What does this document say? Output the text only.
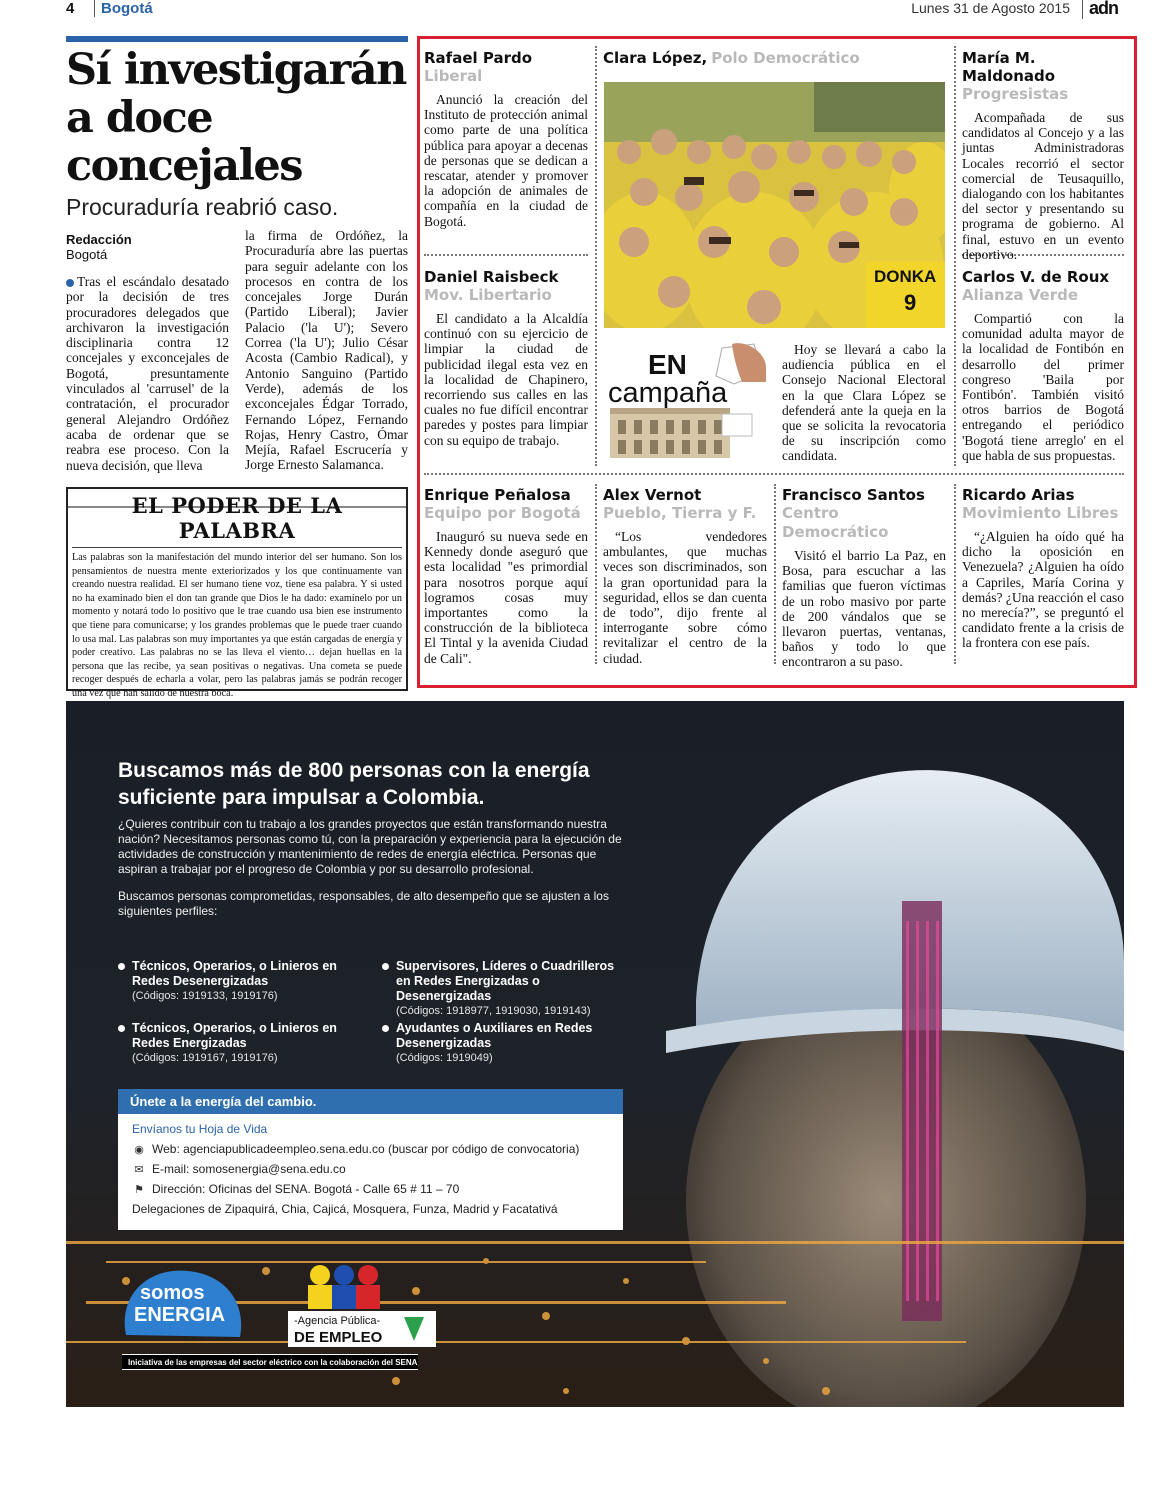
4	Bogotá	Lunes 31 de Agosto 2015	adn
Sí investigarán a doce concejales
Procuraduría reabrió caso.
Redacción
Bogotá
Tras el escándalo desatado por la decisión de tres procuradores delegados que archivaron la investigación disciplinaria contra 12 concejales y exconcejales de Bogotá, presuntamente vinculados al 'carrusel' de la contratación, el procurador general Alejandro Ordóñez acaba de ordenar que se reabra ese proceso. Con la nueva decisión, que lleva
la firma de Ordóñez, la Procuraduría abre las puertas para seguir adelante con los procesos en contra de los concejales Jorge Durán (Partido Liberal); Javier Palacio ('la U'); Severo Correa ('la U'); Julio César Acosta (Cambio Radical), y Antonio Sanguino (Partido Verde), además de los exconcejales Édgar Torrado, Fernando López, Fernando Rojas, Henry Castro, Ómar Mejía, Rafael Escrucería y Jorge Ernesto Salamanca.
EL PODER DE LA PALABRA

Las palabras son la manifestación del mundo interior del ser humano. Son los pensamientos de nuestra mente exteriorizados y los que continuamente van creando nuestra realidad. El ser humano tiene voz, tiene esa palabra. Y si usted no ha examinado bien el don tan grande que Dios le ha dado: examínelo por un momento y notará todo lo positivo que le trae cuando usa bien ese instrumento que tiene para comunicarse; y los grandes problemas que le puede traer cuando lo usa mal. Las palabras son muy importantes ya que están cargadas de energía y poder creativo. Las palabras no se las lleva el viento… dejan huellas en la persona que las recibe, ya sean positivas o negativas. Una cometa se puede recoger después de echarla a volar, pero las palabras jamás se podrán recoger una vez que han salido de nuestra boca.

Rafael Pardo
Liberal
Anunció la creación del Instituto de protección animal como parte de una política pública para apoyar a decenas de personas que se dedican a rescatar, atender y promover la adopción de animales de compañía en la ciudad de Bogotá.
Clara López, Polo Democrático
DONKA
9
EN
campaña
Hoy se llevará a cabo la audiencia pública en el Consejo Nacional Electoral en la que Clara López se defenderá ante la queja en la que se solicita la revocatoria de su inscripción como candidata.
María M. Maldonado
Progresistas
Acompañada de sus candidatos al Concejo y a las juntas Administradoras Locales recorrió el sector comercial de Teusaquillo, dialogando con los habitantes del sector y presentando su programa de gobierno. Al final, estuvo en un evento deportivo.
Daniel Raisbeck
Mov. Libertario
El candidato a la Alcaldía continuó con su ejercicio de limpiar la ciudad de publicidad ilegal esta vez en la localidad de Chapinero, recorriendo sus calles en las cuales no fue difícil encontrar paredes y postes para limpiar con su equipo de trabajo.
Carlos V. de Roux
Alianza Verde
Compartió con la comunidad adulta mayor de la localidad de Fontibón en desarrollo del primer congreso 'Baila por Fontibón'. También visitó otros barrios de Bogotá entregando el periódico 'Bogotá tiene arreglo' en el que habla de sus propuestas.
Enrique Peñalosa
Equipo por Bogotá
Inauguró su nueva sede en Kennedy donde aseguró que esta localidad "es primordial para nosotros porque aquí logramos cosas muy importantes como la construcción de la biblioteca El Tintal y la avenida Ciudad de Cali".
Alex Vernot
Pueblo, Tierra y F.
“Los vendedores ambulantes, que muchas veces son discriminados, son la gran oportunidad para la seguridad, ellos se dan cuenta de todo”, dijo frente al interrogante sobre cómo revitalizar el centro de la ciudad.
Francisco Santos
Centro Democrático
Visitó el barrio La Paz, en Bosa, para escuchar a las familias que fueron víctimas de un robo masivo por parte de 200 vándalos que se llevaron puertas, ventanas, baños y todo lo que encontraron a su paso.
Ricardo Arias
Movimiento Libres
“¿Alguien ha oído qué ha dicho la oposición en Venezuela? ¿Alguien ha oído a Capriles, María Corina y demás? ¿Una reacción el caso no merecía?”, se preguntó el candidato frente a la crisis de la frontera con ese país.
Buscamos más de 800 personas con la energía suficiente para impulsar a Colombia.

¿Quieres contribuir con tu trabajo a los grandes proyectos que están transformando nuestra nación? Necesitamos personas como tú, con la preparación y experiencia para la ejecución de actividades de construcción y mantenimiento de redes de energía eléctrica. Personas que aspiran a trabajar por el progreso de Colombia y por su desarrollo profesional.

Buscamos personas comprometidas, responsables, de alto desempeño que se ajusten a los siguientes perfiles:

Técnicos, Operarios, o Linieros en Redes Desenergizadas
(Códigos: 1919133, 1919176)
Supervisores, Líderes o Cuadrilleros en Redes Energizadas o Desenergizadas
(Códigos: 1918977, 1919030, 1919143)
Técnicos, Operarios, o Linieros en Redes Energizadas
(Códigos: 1919167, 1919176)
Ayudantes o Auxiliares en Redes Desenergizadas
(Códigos: 1919049)
Únete a la energía del cambio.
Envíanos tu Hoja de Vida
◉ Web: agenciapublicadeempleo.sena.edu.co (buscar por código de convocatoria)
✉ E-mail: somosenergia@sena.edu.co
⚑ Dirección: Oficinas del SENA. Bogotá - Calle 65 # 11 – 70
Delegaciones de Zipaquirá, Chia, Cajicá, Mosquera, Funza, Madrid y Facatativá
somos
ENERGIA	-Agencia Pública-
DE EMPLEO
Iniciativa de las empresas del sector eléctrico con la colaboración del SENA
